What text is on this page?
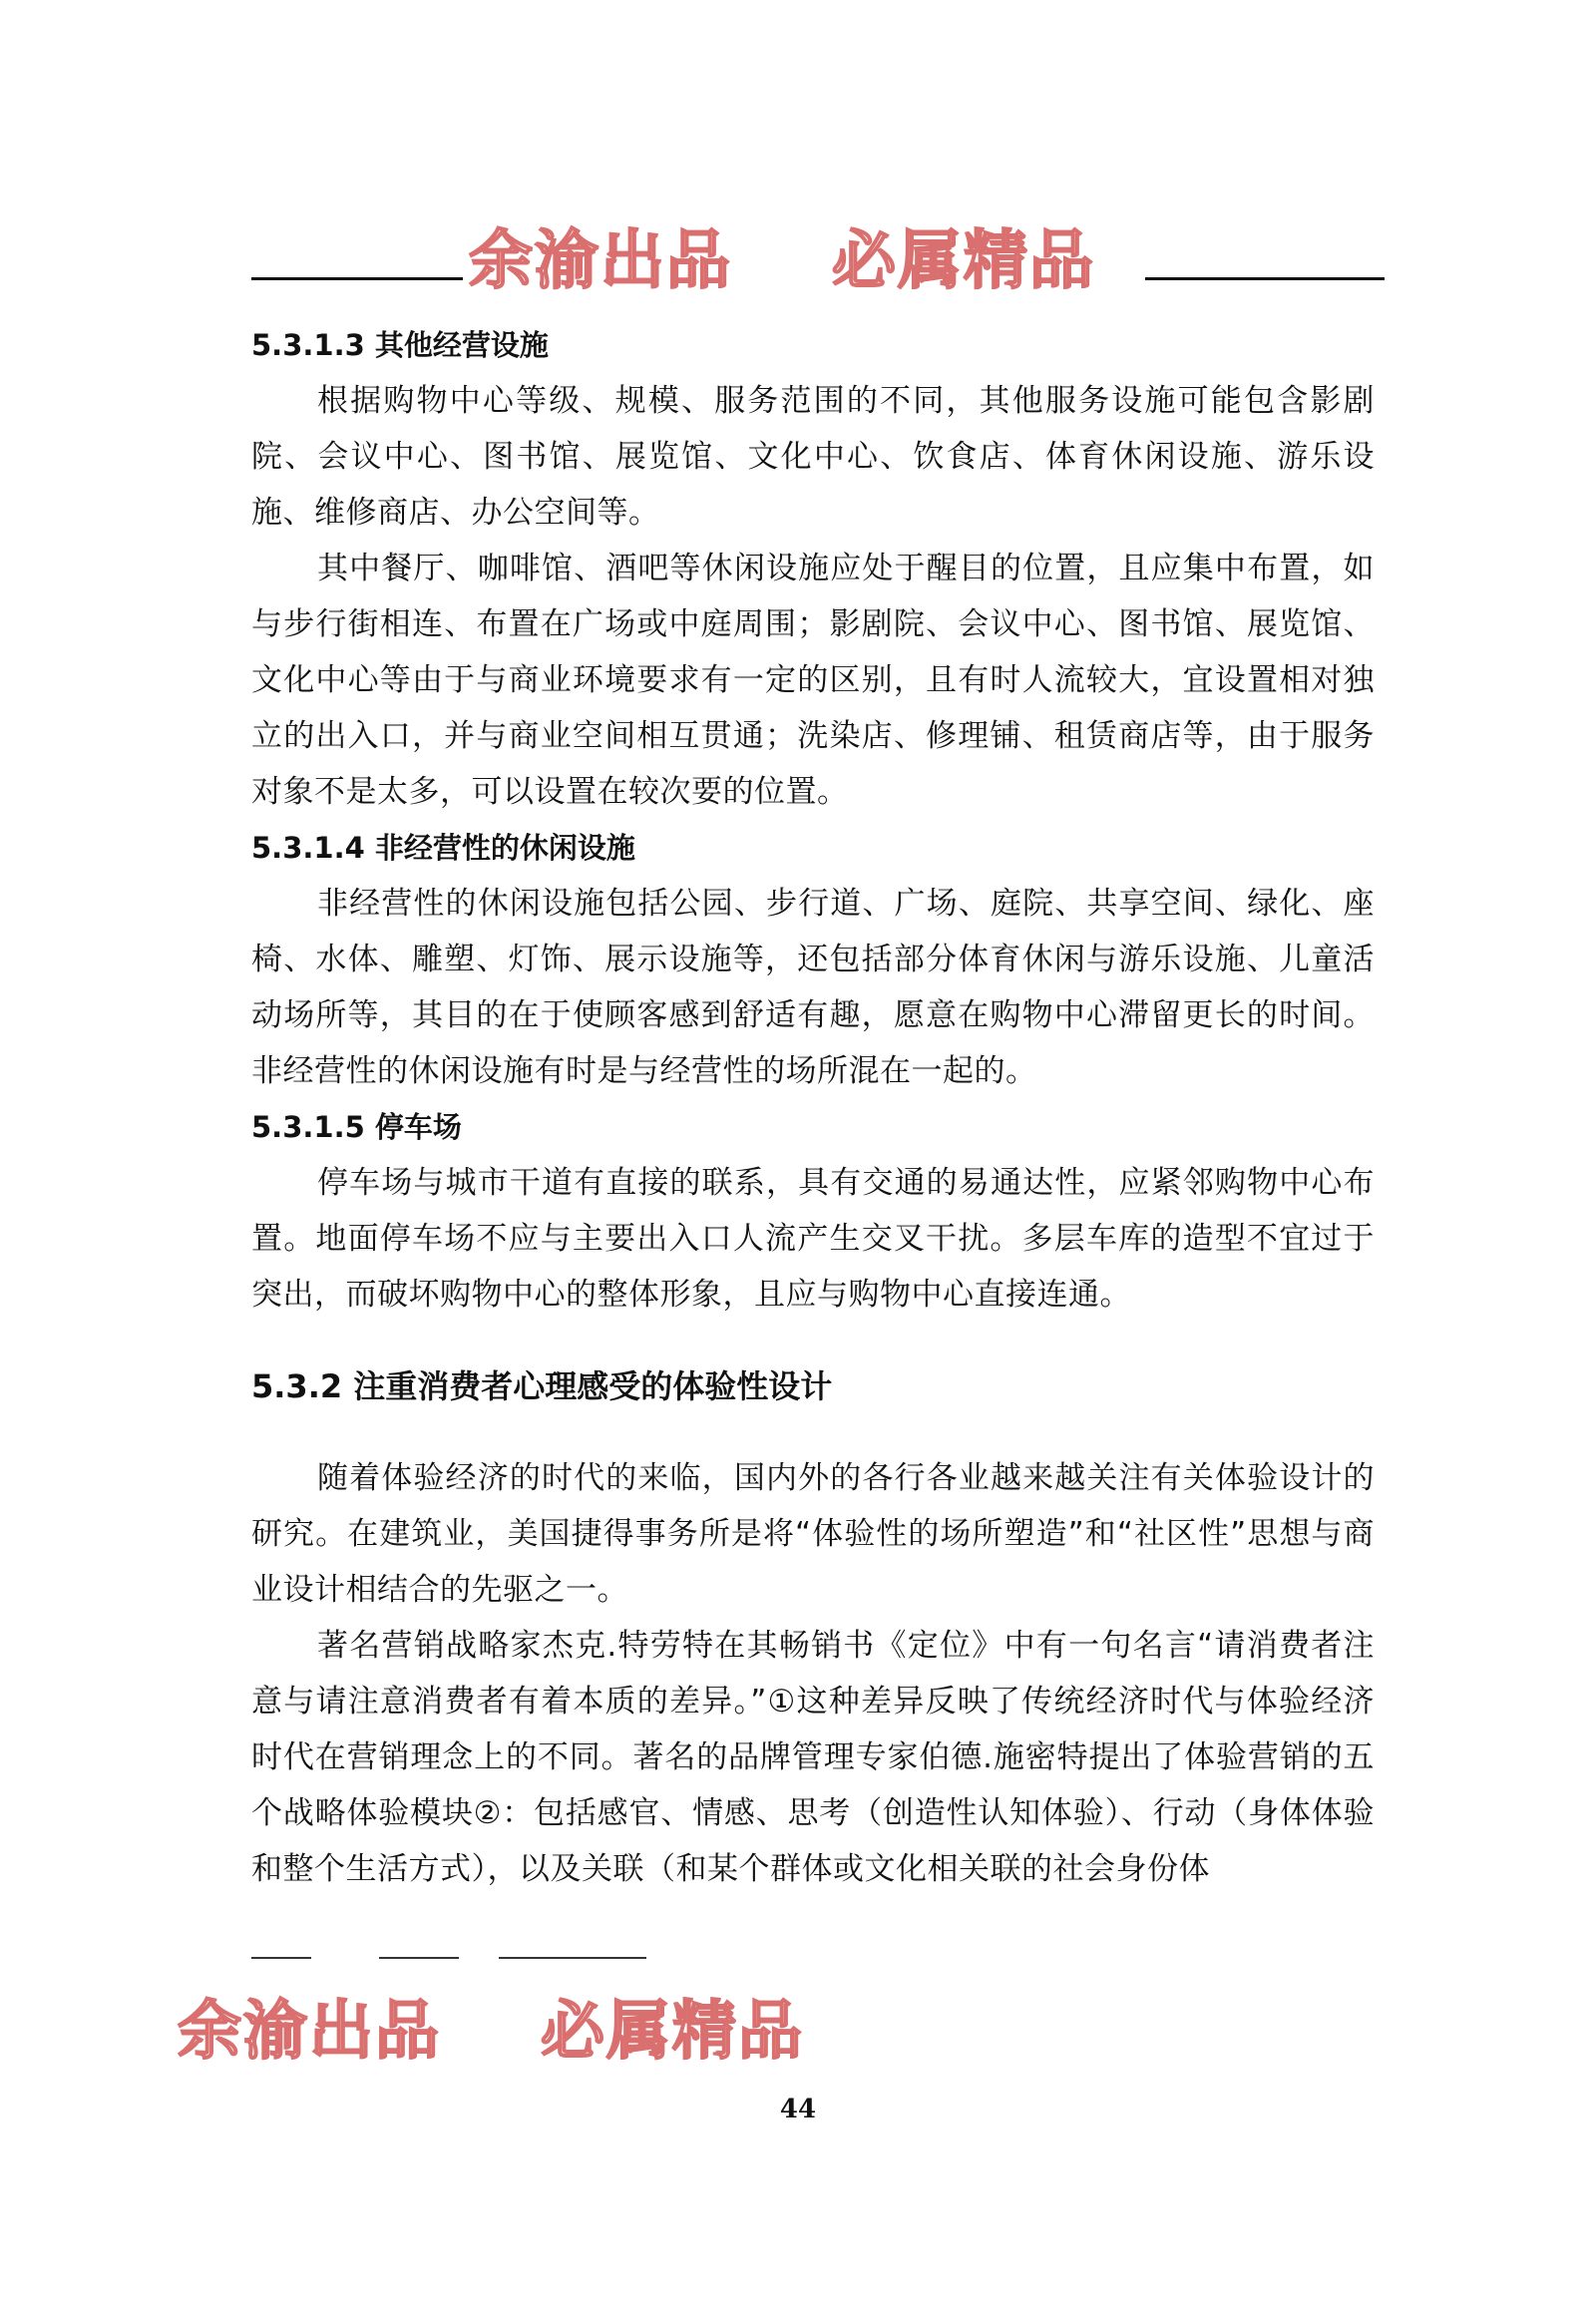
余渝出品 必属精品
5.3.1.3 其他经营设施

根据购物中心等级、规模、服务范围的不同，其他服务设施可能包含影剧院、会议中心、图书馆、展览馆、文化中心、饮食店、体育休闲设施、游乐设施、维修商店、办公空间等。

其中餐厅、咖啡馆、酒吧等休闲设施应处于醒目的位置，且应集中布置，如与步行街相连、布置在广场或中庭周围；影剧院、会议中心、图书馆、展览馆、文化中心等由于与商业环境要求有一定的区别，且有时人流较大，宜设置相对独立的出入口，并与商业空间相互贯通；洗染店、修理铺、租赁商店等，由于服务对象不是太多，可以设置在较次要的位置。

5.3.1.4 非经营性的休闲设施

非经营性的休闲设施包括公园、步行道、广场、庭院、共享空间、绿化、座椅、水体、雕塑、灯饰、展示设施等，还包括部分体育休闲与游乐设施、儿童活动场所等，其目的在于使顾客感到舒适有趣，愿意在购物中心滞留更长的时间。非经营性的休闲设施有时是与经营性的场所混在一起的。

5.3.1.5 停车场

停车场与城市干道有直接的联系，具有交通的易通达性，应紧邻购物中心布置。地面停车场不应与主要出入口人流产生交叉干扰。多层车库的造型不宜过于突出，而破坏购物中心的整体形象，且应与购物中心直接连通。

5.3.2 注重消费者心理感受的体验性设计

随着体验经济的时代的来临，国内外的各行各业越来越关注有关体验设计的研究。在建筑业，美国捷得事务所是将“体验性的场所塑造”和“社区性”思想与商业设计相结合的先驱之一。

著名营销战略家杰克.特劳特在其畅销书《定位》中有一句名言“请消费者注意与请注意消费者有着本质的差异。”①这种差异反映了传统经济时代与体验经济时代在营销理念上的不同。著名的品牌管理专家伯德.施密特提出了体验营销的五个战略体验模块②：包括感官、情感、思考（创造性认知体验）、行动（身体体验和整个生活方式），以及关联（和某个群体或文化相关联的社会身份体

余渝出品 必属精品
44
